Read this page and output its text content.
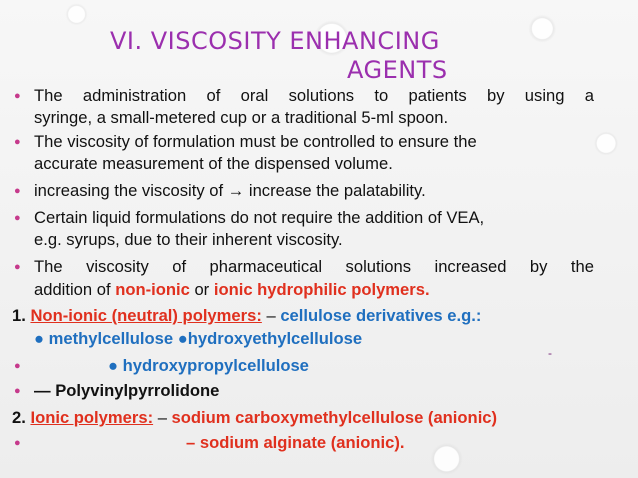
VI. VISCOSITY ENHANCING
AGENTS
● The administration of oral solutions to patients by using a
syringe, a small-metered cup or a traditional 5-ml spoon.
● The viscosity of formulation must be controlled to ensure the
accurate measurement of the dispensed volume.
● increasing the viscosity of → increase the palatability.
● Certain liquid formulations do not require the addition of VEA,
e.g. syrups, due to their inherent viscosity.
● The viscosity of pharmaceutical solutions increased by the
addition of non-ionic or ionic hydrophilic polymers.
1. Non-ionic (neutral) polymers: – cellulose derivatives e.g.:
● methylcellulose ●hydroxyethylcellulose
-
●	● hydroxypropylcellulose
● — Polyvinylpyrrolidone
2. Ionic polymers: – sodium carboxymethylcellulose (anionic)
●	– sodium alginate (anionic).
